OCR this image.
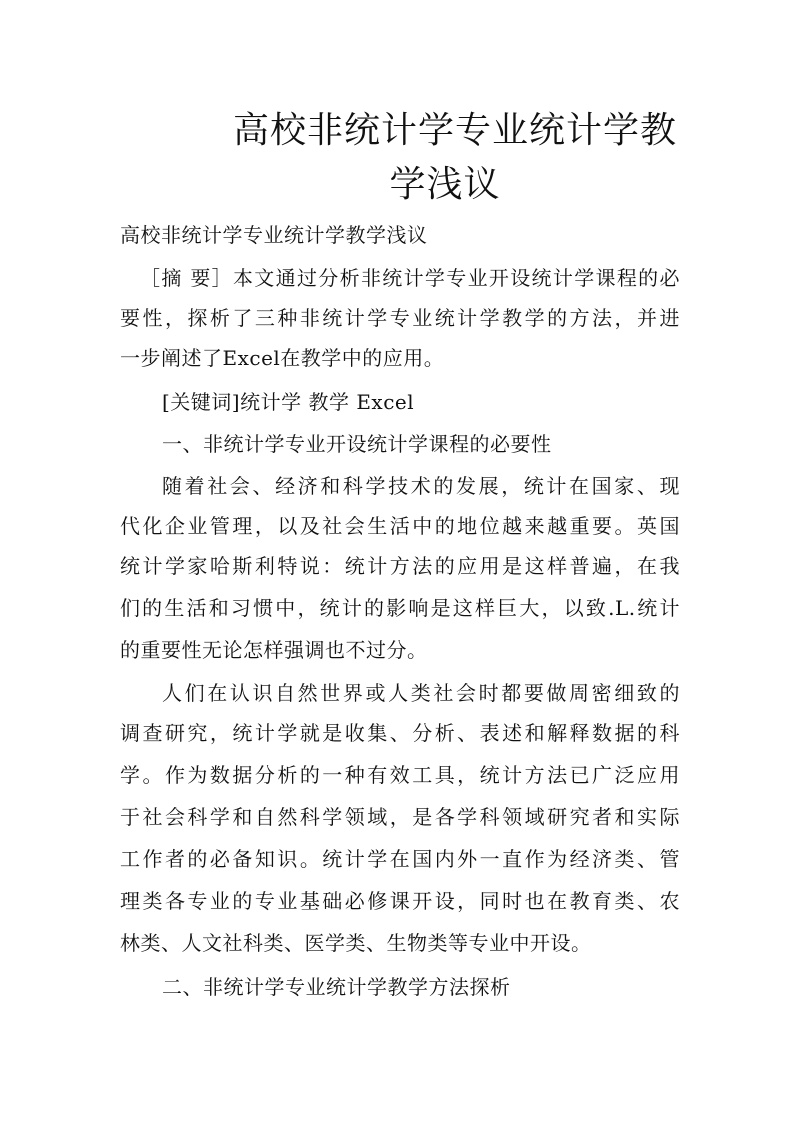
高校非统计学专业统计学教
学浅议
高校非统计学专业统计学教学浅议
［摘 要］本文通过分析非统计学专业开设统计学课程的必
要性，探析了三种非统计学专业统计学教学的方法，并进
一步阐述了Excel在教学中的应用。
[关键词]统计学 教学 Excel
一、非统计学专业开设统计学课程的必要性
随着社会、经济和科学技术的发展，统计在国家、现
代化企业管理，以及社会生活中的地位越来越重要。英国
统计学家哈斯利特说：统计方法的应用是这样普遍，在我
们的生活和习惯中，统计的影响是这样巨大，以致.L.统计
的重要性无论怎样强调也不过分。
人们在认识自然世界或人类社会时都要做周密细致的
调查研究，统计学就是收集、分析、表述和解释数据的科
学。作为数据分析的一种有效工具，统计方法已广泛应用
于社会科学和自然科学领域，是各学科领域研究者和实际
工作者的必备知识。统计学在国内外一直作为经济类、管
理类各专业的专业基础必修课开设，同时也在教育类、农
林类、人文社科类、医学类、生物类等专业中开设。
二、非统计学专业统计学教学方法探析
